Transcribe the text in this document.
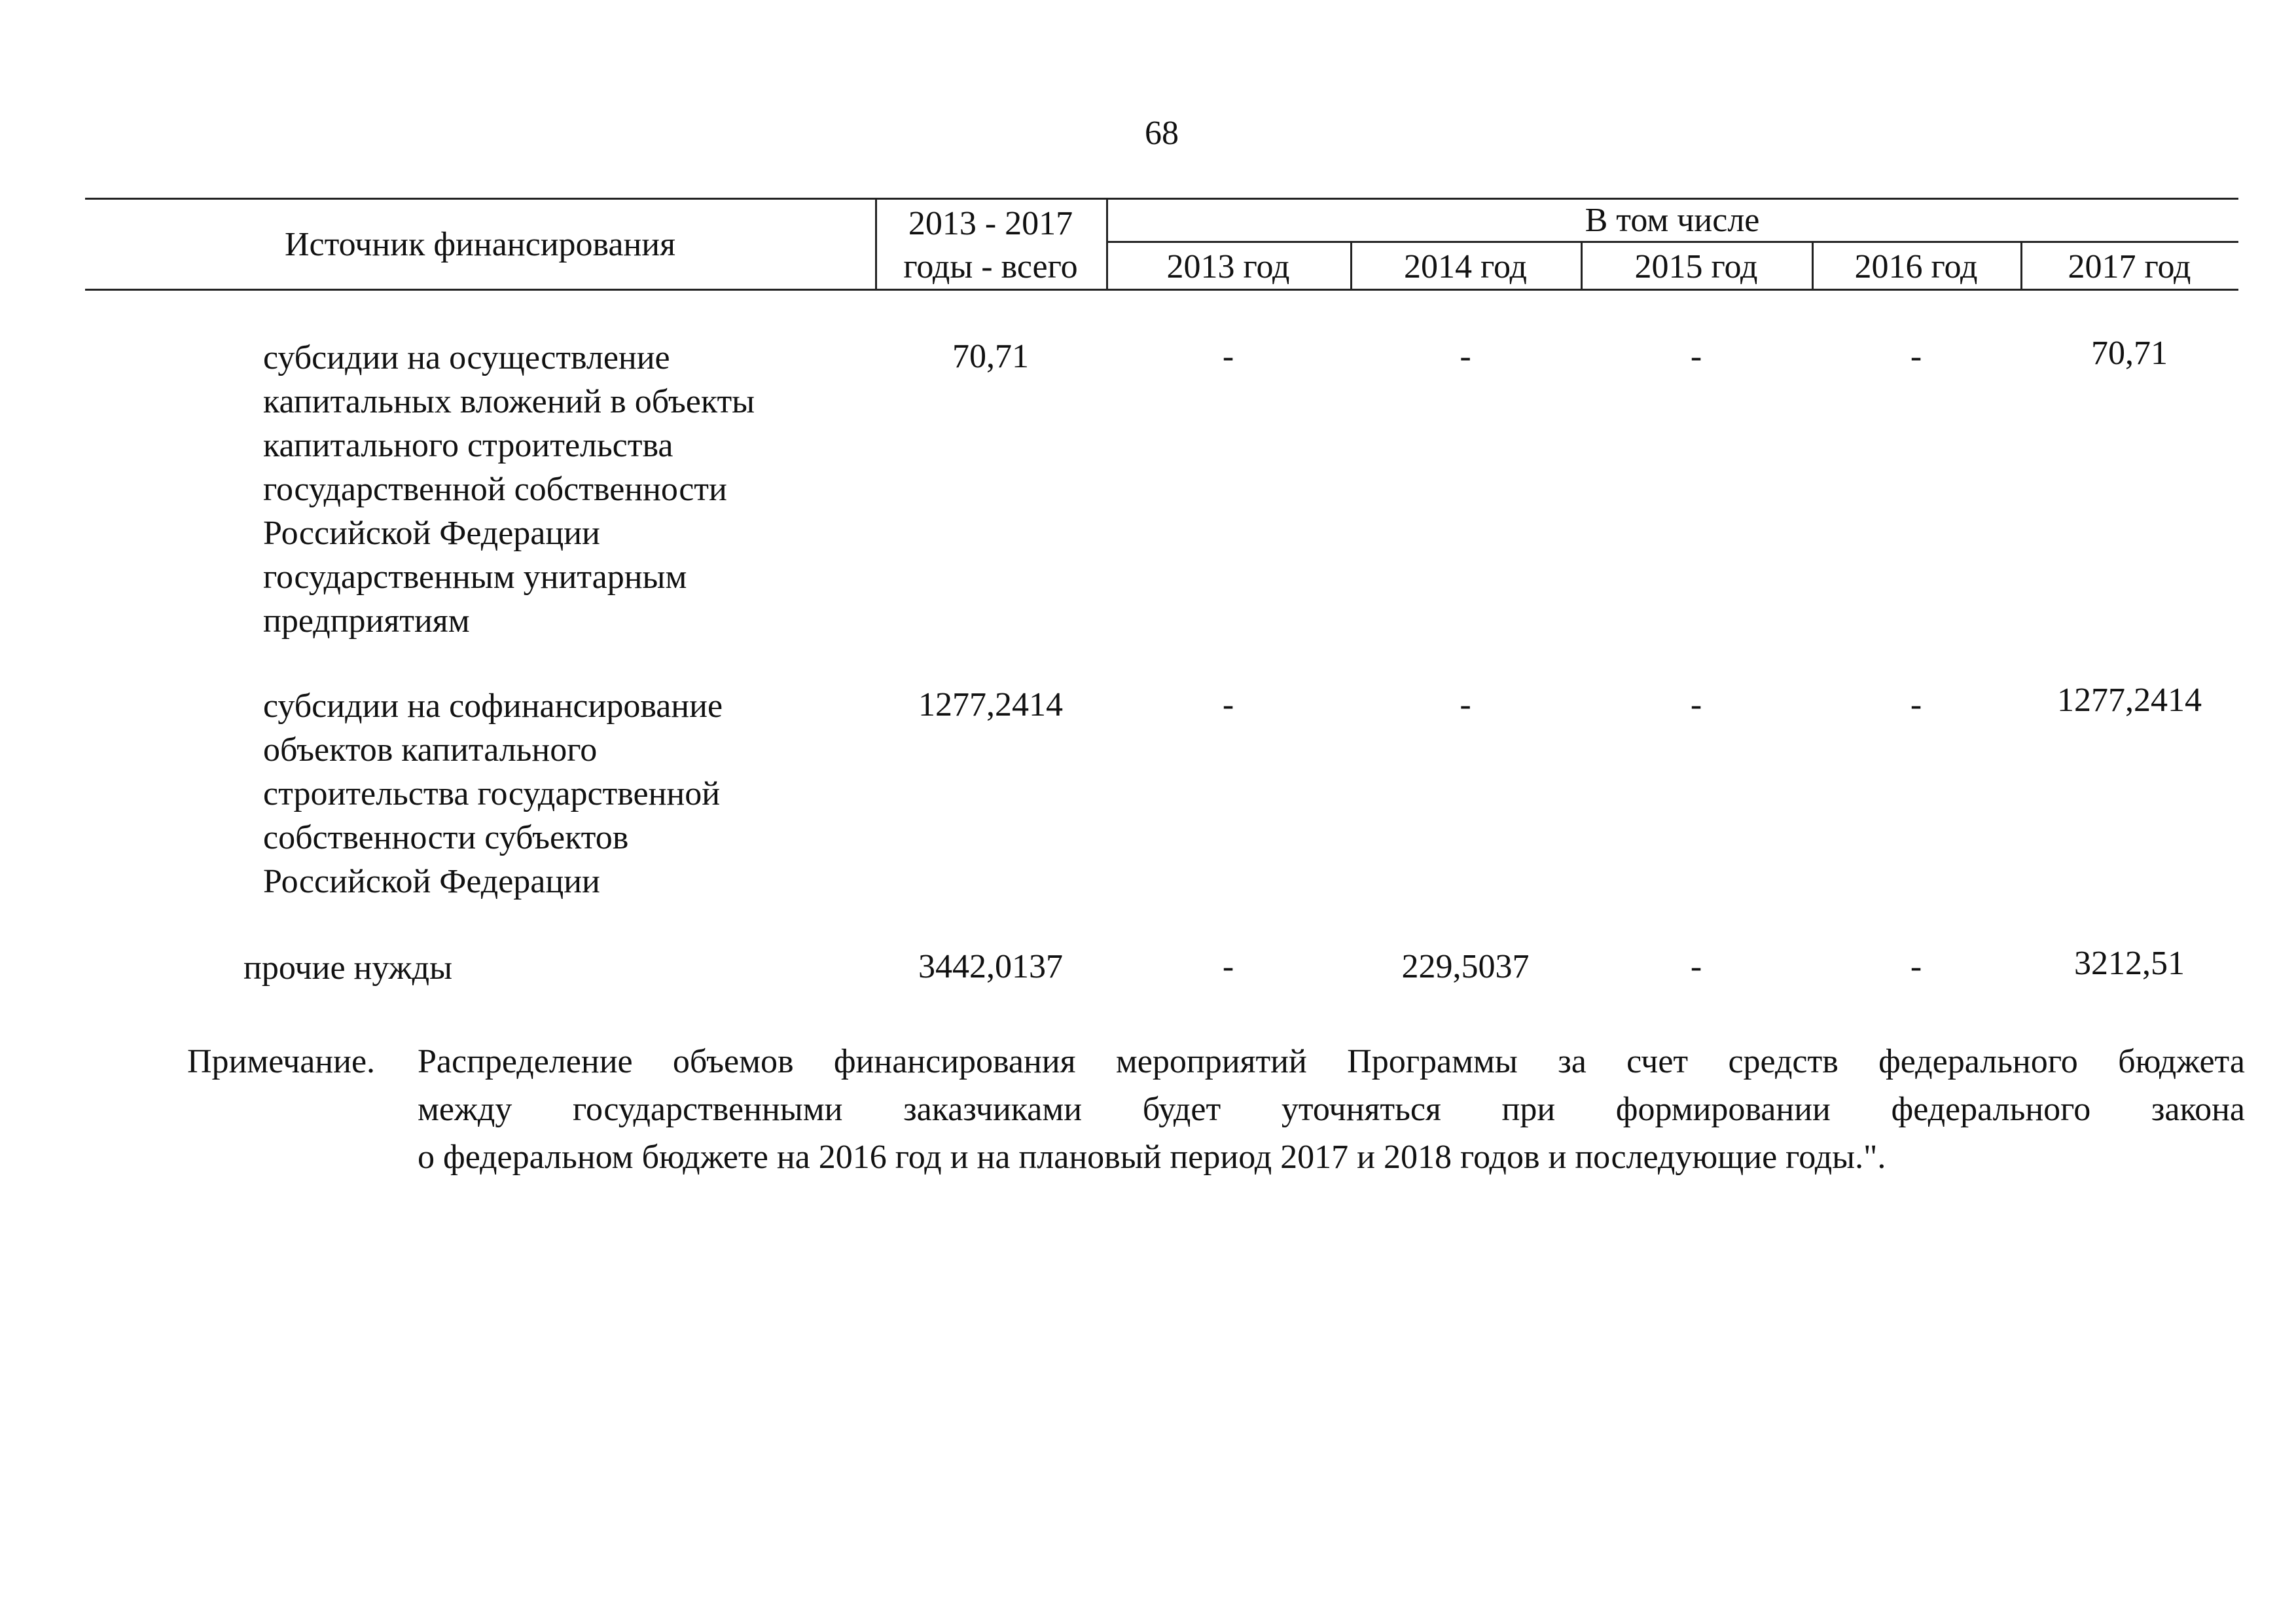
68
Источник финансирования
2013 - 2017
годы - всего
В том числе
2013 год	2014 год	2015 год	2016 год	2017 год
субсидии на осуществление
капитальных вложений в объекты
капитального строительства
государственной собственности
Российской Федерации
государственным унитарным
предприятиям
70,71	-	-	-	-	70,71
субсидии на софинансирование
объектов капитального
строительства государственной
собственности субъектов
Российской Федерации
1277,2414	-	-	-	-	1277,2414
прочие нужды	3442,0137	-	229,5037	-	-	3212,51
Примечание. Распределение объемов финансирования мероприятий Программы за счет средств федерального бюджета
между государственными заказчиками будет уточняться при формировании федерального закона
о федеральном бюджете на 2016 год и на плановый период 2017 и 2018 годов и последующие годы.".
